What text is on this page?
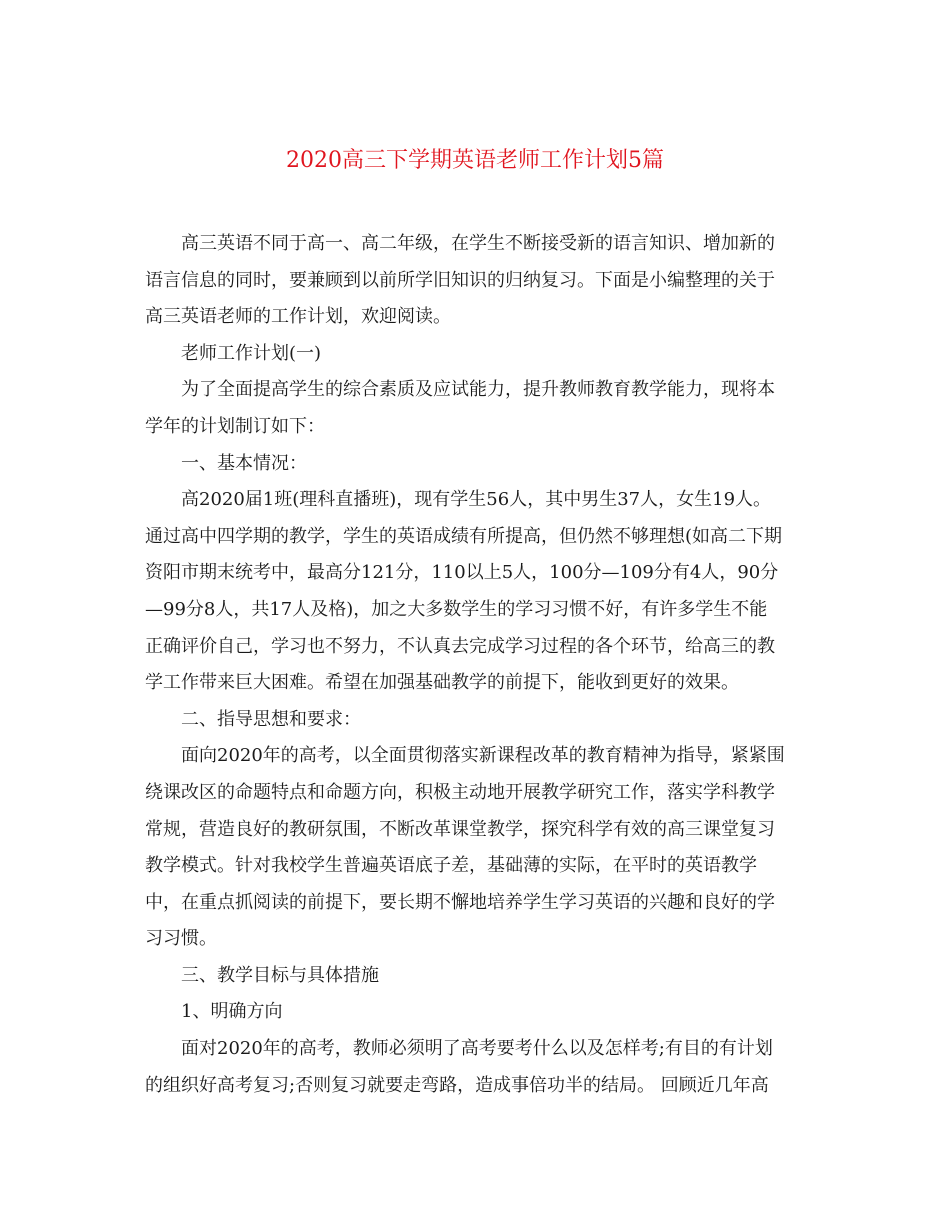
2020高三下学期英语老师工作计划5篇
高三英语不同于高一、高二年级，在学生不断接受新的语言知识、增加新的
语言信息的同时，要兼顾到以前所学旧知识的归纳复习。下面是小编整理的关于
高三英语老师的工作计划，欢迎阅读。
老师工作计划(一)
为了全面提高学生的综合素质及应试能力，提升教师教育教学能力，现将本
学年的计划制订如下：
一、基本情况：
高2020届1班(理科直播班)，现有学生56人，其中男生37人，女生19人。
通过高中四学期的教学，学生的英语成绩有所提高，但仍然不够理想(如高二下期
资阳市期末统考中，最高分121分，110以上5人，100分—109分有4人，90分
—99分8人，共17人及格)，加之大多数学生的学习习惯不好，有许多学生不能
正确评价自己，学习也不努力，不认真去完成学习过程的各个环节，给高三的教
学工作带来巨大困难。希望在加强基础教学的前提下，能收到更好的效果。
二、指导思想和要求：
面向2020年的高考，以全面贯彻落实新课程改革的教育精神为指导，紧紧围
绕课改区的命题特点和命题方向，积极主动地开展教学研究工作，落实学科教学
常规，营造良好的教研氛围，不断改革课堂教学，探究科学有效的高三课堂复习
教学模式。针对我校学生普遍英语底子差，基础薄的实际，在平时的英语教学
中，在重点抓阅读的前提下，要长期不懈地培养学生学习英语的兴趣和良好的学
习习惯。
三、教学目标与具体措施
1、明确方向
面对2020年的高考，教师必须明了高考要考什么以及怎样考;有目的有计划
的组织好高考复习;否则复习就要走弯路，造成事倍功半的结局。 回顾近几年高
